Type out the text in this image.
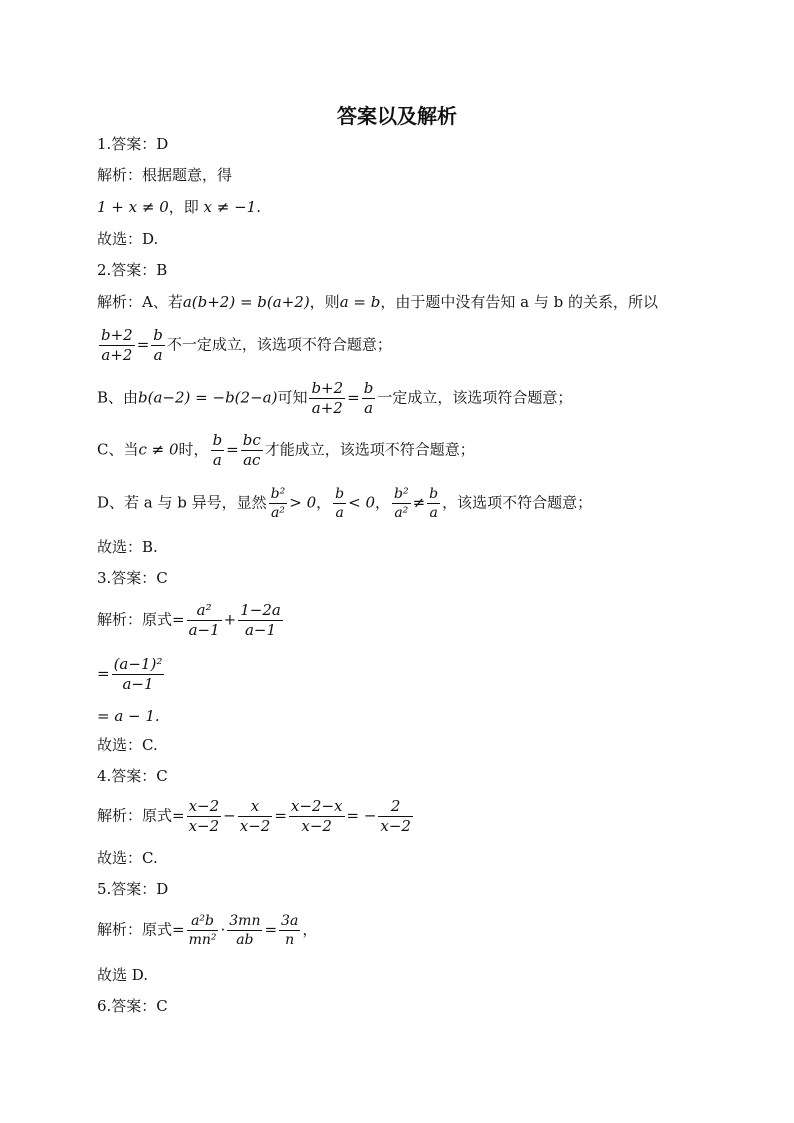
答案以及解析
1.答案：D
解析：根据题意，得
1 + x ≠ 0，即 x ≠ −1.
故选：D.
2.答案：B
解析：A、若a(b+2) = b(a+2)，则a = b，由于题中没有告知 a 与 b 的关系，所以
$\frac{b+2}{a+2} = \frac{b}{a}$ 不一定成立，该选项不符合题意；
B、由b(a−2) = −b(2−a)可知 $\frac{b+2}{a+2} = \frac{b}{a}$ 一定成立，该选项符合题意；
C、当c ≠ 0时， $\frac{b}{a} = \frac{bc}{ac}$ 才能成立，该选项不符合题意；
D、若 a 与 b 异号，显然 $\frac{\text{b²}}{\text{a²}} > 0$， $\frac{b}{a} < 0$， $\frac{\text{b²}}{\text{a²}} \ne \frac{b}{a}$ ，该选项不符合题意；
故选：B.
3.答案：C
解析：原式= $\frac{\text{a²}}{a-1} + \frac{1-2a}{a-1}$
= $\frac{\text{(a−1)²}}{a-1}$
= a − 1.
故选：C.
4.答案：C
解析：原式= $\frac{x-2}{x-2} - \frac{x}{x-2} = \frac{x-2-x}{x-2}$ = − $\frac{2}{x-2}$
故选：C.
5.答案：D
解析：原式= $\frac{\text{a²b}}{\text{mn²}} \cdot \frac{3mn}{ab} = \frac{3a}{n}$ ，
故选 D.
6.答案：C
